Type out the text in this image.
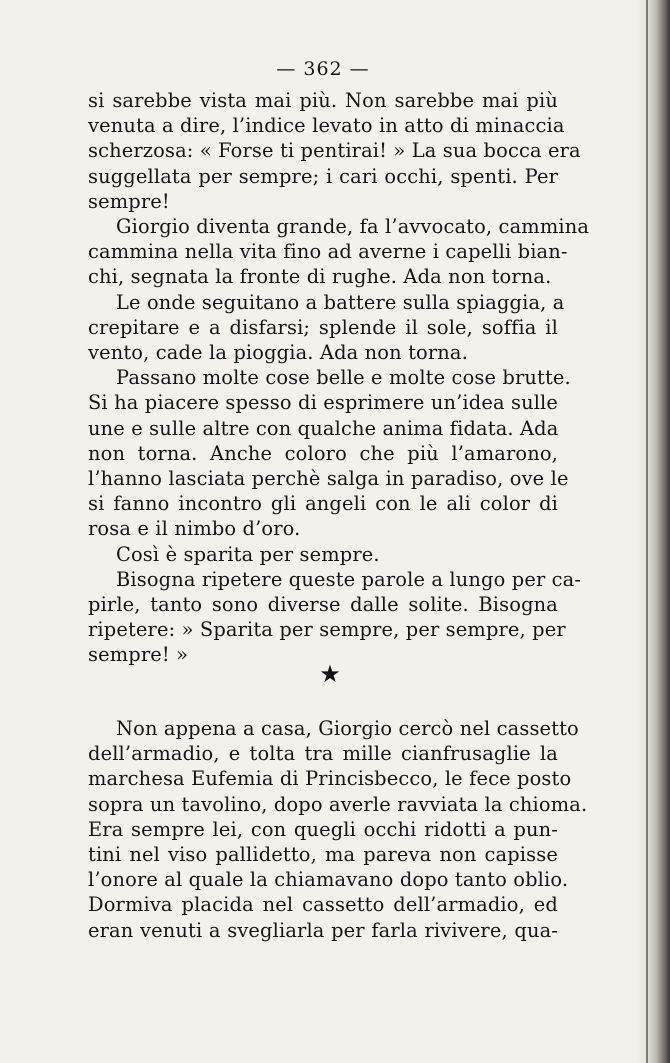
— 362 —
si sarebbe vista mai più. Non sarebbe mai più
venuta a dire, l’indice levato in atto di minaccia
scherzosa: « Forse ti pentirai! » La sua bocca era
suggellata per sempre; i cari occhi, spenti. Per
sempre!
Giorgio diventa grande, fa l’avvocato, cammina
cammina nella vita fino ad averne i capelli bian-
chi, segnata la fronte di rughe. Ada non torna.
Le onde seguitano a battere sulla spiaggia, a
crepitare e a disfarsi; splende il sole, soffia il
vento, cade la pioggia. Ada non torna.
Passano molte cose belle e molte cose brutte.
Si ha piacere spesso di esprimere un’idea sulle
une e sulle altre con qualche anima fidata. Ada
non torna. Anche coloro che più l’amarono,
l’hanno lasciata perchè salga in paradiso, ove le
si fanno incontro gli angeli con le ali color di
rosa e il nimbo d’oro.
Così è sparita per sempre.
Bisogna ripetere queste parole a lungo per ca-
pirle, tanto sono diverse dalle solite. Bisogna
ripetere: » Sparita per sempre, per sempre, per
sempre! »
★
Non appena a casa, Giorgio cercò nel cassetto
dell’armadio, e tolta tra mille cianfrusaglie la
marchesa Eufemia di Princisbecco, le fece posto
sopra un tavolino, dopo averle ravviata la chioma.
Era sempre lei, con quegli occhi ridotti a pun-
tini nel viso pallidetto, ma pareva non capisse
l’onore al quale la chiamavano dopo tanto oblio.
Dormiva placida nel cassetto dell’armadio, ed
eran venuti a svegliarla per farla rivivere, qua-
